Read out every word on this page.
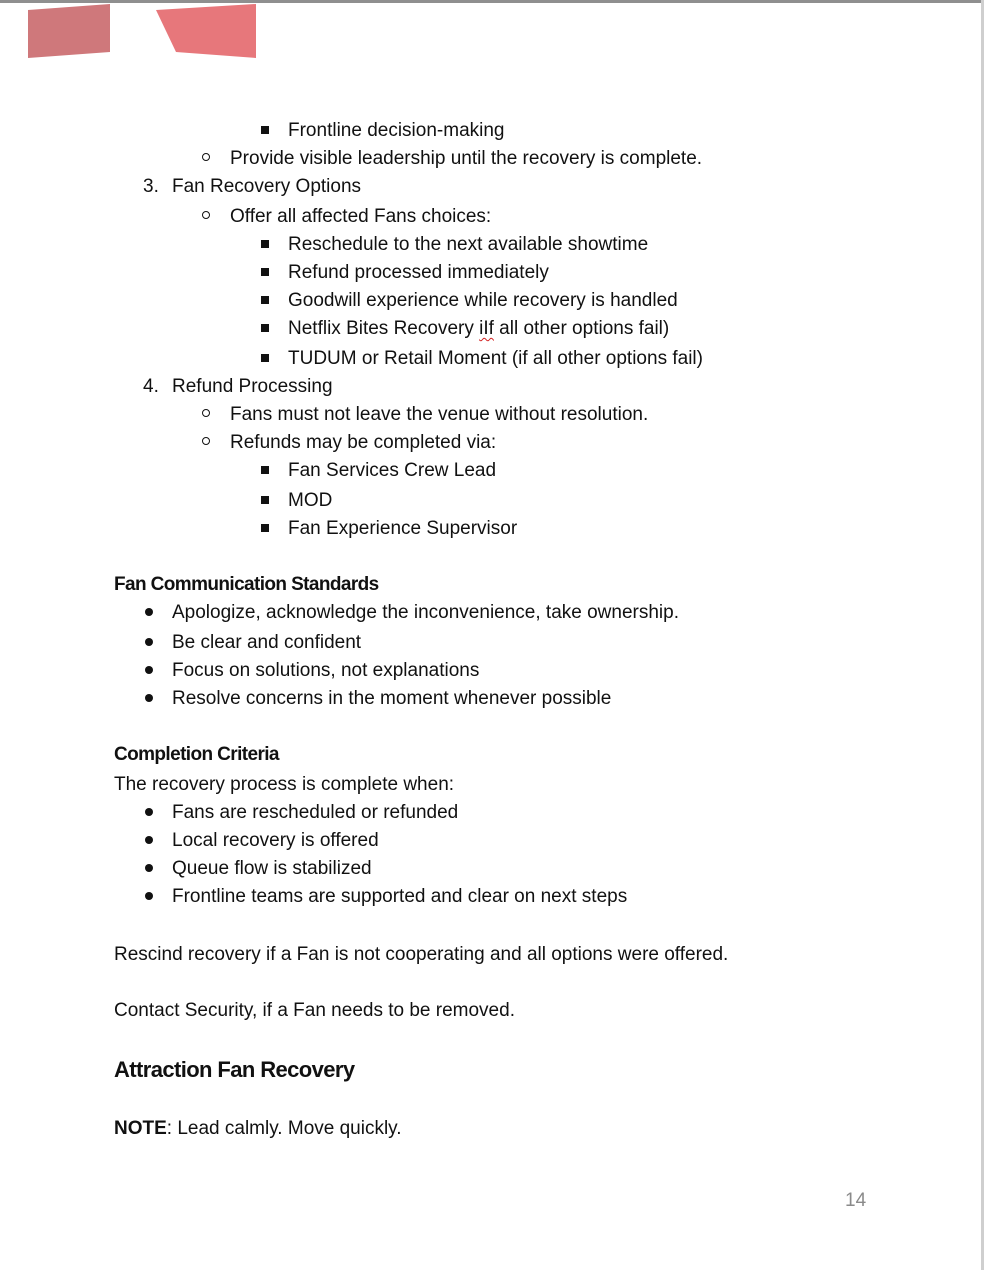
Frontline decision-making
Provide visible leadership until the recovery is complete.
3. Fan Recovery Options
Offer all affected Fans choices:
Reschedule to the next available showtime
Refund processed immediately
Goodwill experience while recovery is handled
Netflix Bites Recovery iIf all other options fail)
TUDUM or Retail Moment (if all other options fail)
4. Refund Processing
Fans must not leave the venue without resolution.
Refunds may be completed via:
Fan Services Crew Lead
MOD
Fan Experience Supervisor
Fan Communication Standards
Apologize, acknowledge the inconvenience, take ownership.
Be clear and confident
Focus on solutions, not explanations
Resolve concerns in the moment whenever possible
Completion Criteria
The recovery process is complete when:
Fans are rescheduled or refunded
Local recovery is offered
Queue flow is stabilized
Frontline teams are supported and clear on next steps
Rescind recovery if a Fan is not cooperating and all options were offered.
Contact Security, if a Fan needs to be removed.
Attraction Fan Recovery
NOTE: Lead calmly. Move quickly.
14
